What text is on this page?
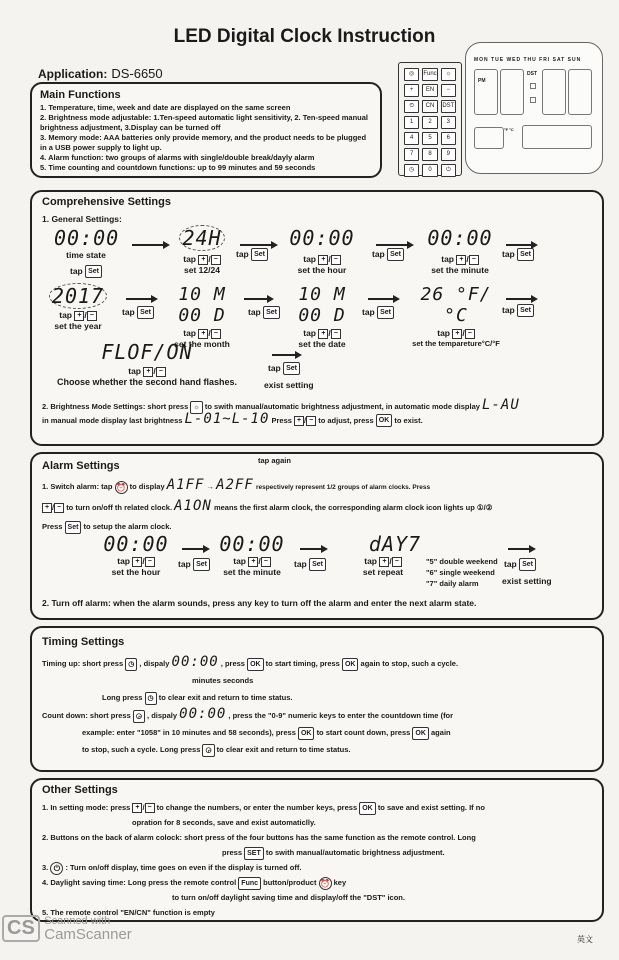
LED Digital Clock Instruction
Application: DS-6650
Main Functions
1. Temperature, time, week and date are displayed on the same screen
2. Brightness mode adjustable: 1.Ten-speed automatic light sensitivity, 2. Ten-speed manual brightness adjustment, 3.Display can be turned off
3. Memory mode: AAA batteries only provide memory, and the product needs to be plugged in a USB power supply to light up.
4. Alarm function: two groups of alarms with single/double break/dayly alarm
5. Time counting and countdown functions: up to 99 minutes and 59 seconds
◎	Func	☼
+	EN	−
⏲	CN	DST
1	2	3
4	5	6
7	8	9
◷	0	⏻
MON TUE WED THU FRI SAT SUN
PM
DST
°F °C
Comprehensive Settings
1. General Settings:
00:00
time state
tap Set
24H
tap + / −
set 12/24
tap Set
00:00
tap + / −
set the hour
tap Set
00:00
tap + / −
set the minute
tap Set
2017
tap + / −
set the year
tap Set
10 M 00 D
tap + / −
set the month
tap Set
10 M 00 D
tap + / −
set the date
tap Set
26 °F/°C
tap + / −
set the tempareture°C/°F
tap Set
FLOF/ON
tap + / −
Choose whether the second hand flashes.
tap Set
exist setting
2. Brightness Mode Settings: short press ☼ to swith manual/automatic brightness adjustment, in automatic mode display L-AU
in manual mode display last brightness L-01~L-10 Press + / − to adjust, press OK to exist.
Alarm Settings	tap again
1. Switch alarm: tap ⏰ to display A1FF → A2FF respectively represent 1/2 groups of alarm clocks. Press
+ / − to turn on/off th related clock. A1ON means the first alarm clock, the corresponding alarm clock icon lights up ①/②
Press Set to setup the alarm clock.
00:00
tap + / −
set the hour
tap Set
00:00
tap + / −
set the minute
tap Set
dAY7
tap + / −
set repeat
"5" double weekend
"6" single weekend
"7" daily alarm
tap Set
exist setting
2. Turn off alarm: when the alarm sounds, press any key to turn off the alarm and enter the next alarm state.
Timing Settings
Timing up: short press ◷ , dispaly 00:00 , press OK to start timing, press OK again to stop, such a cycle.
minutes seconds
Long press ◷ to clear exit and return to time status.
Count down: short press ◶ , dispaly 00:00 , press the "0-9" numeric keys to enter the countdown time (for
example: enter "1058" in 10 minutes and 58 seconds), press OK to start count down, press OK again
to stop, such a cycle. Long press ◶ to clear exit and return to time status.
Other Settings
1. In setting mode: press + / − to change the numbers, or enter the number keys, press OK to save and exist setting. If no
opration for 8 seconds, save and exist automaticlly.
2. Buttons on the back of alarm colock: short press of the four buttons has the same function as the remote control. Long
press SET to swith manual/automatic brightness adjustment.
3. ⏻ : Turn on/off display, time goes on even if the display is turned off.
4. Daylight saving time: Long press the remote control Func button/product ⏰ key
to turn on/off daylight saving time and display/off the "DST" icon.
5. The remote control "EN/CN" function is empty
CS Scanned with
CamScanner	英文
